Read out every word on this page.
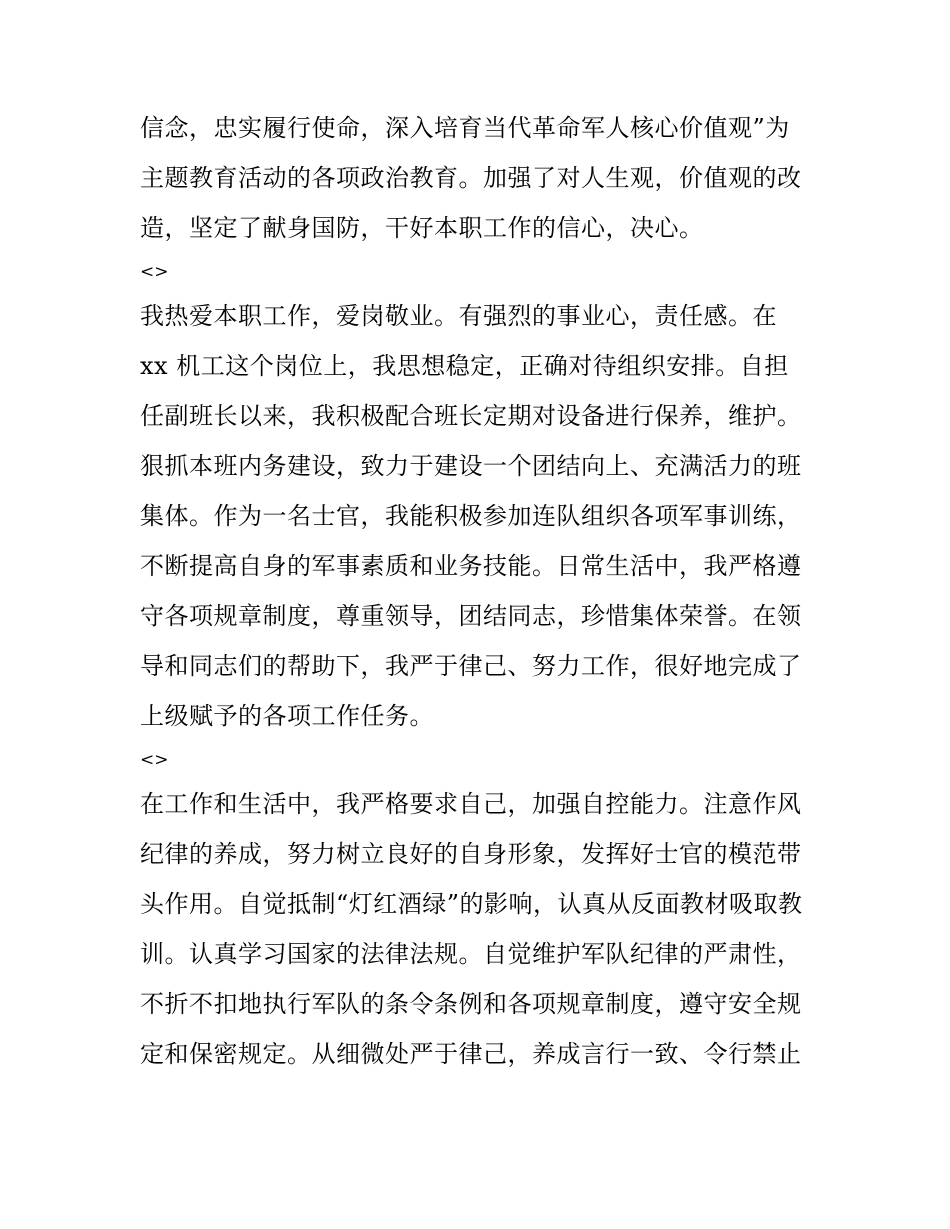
信念，忠实履行使命，深入培育当代革命军人核心价值观”为
主题教育活动的各项政治教育。加强了对人生观，价值观的改
造，坚定了献身国防，干好本职工作的信心，决心。
<>
我热爱本职工作，爱岗敬业。有强烈的事业心，责任感。在
xx 机工这个岗位上，我思想稳定，正确对待组织安排。自担
任副班长以来，我积极配合班长定期对设备进行保养，维护。
狠抓本班内务建设，致力于建设一个团结向上、充满活力的班
集体。作为一名士官，我能积极参加连队组织各项军事训练，
不断提高自身的军事素质和业务技能。日常生活中，我严格遵
守各项规章制度，尊重领导，团结同志，珍惜集体荣誉。在领
导和同志们的帮助下，我严于律己、努力工作，很好地完成了
上级赋予的各项工作任务。
<>
在工作和生活中，我严格要求自己，加强自控能力。注意作风
纪律的养成，努力树立良好的自身形象，发挥好士官的模范带
头作用。自觉抵制“灯红酒绿”的影响，认真从反面教材吸取教
训。认真学习国家的法律法规。自觉维护军队纪律的严肃性，
不折不扣地执行军队的条令条例和各项规章制度，遵守安全规
定和保密规定。从细微处严于律己，养成言行一致、令行禁止
